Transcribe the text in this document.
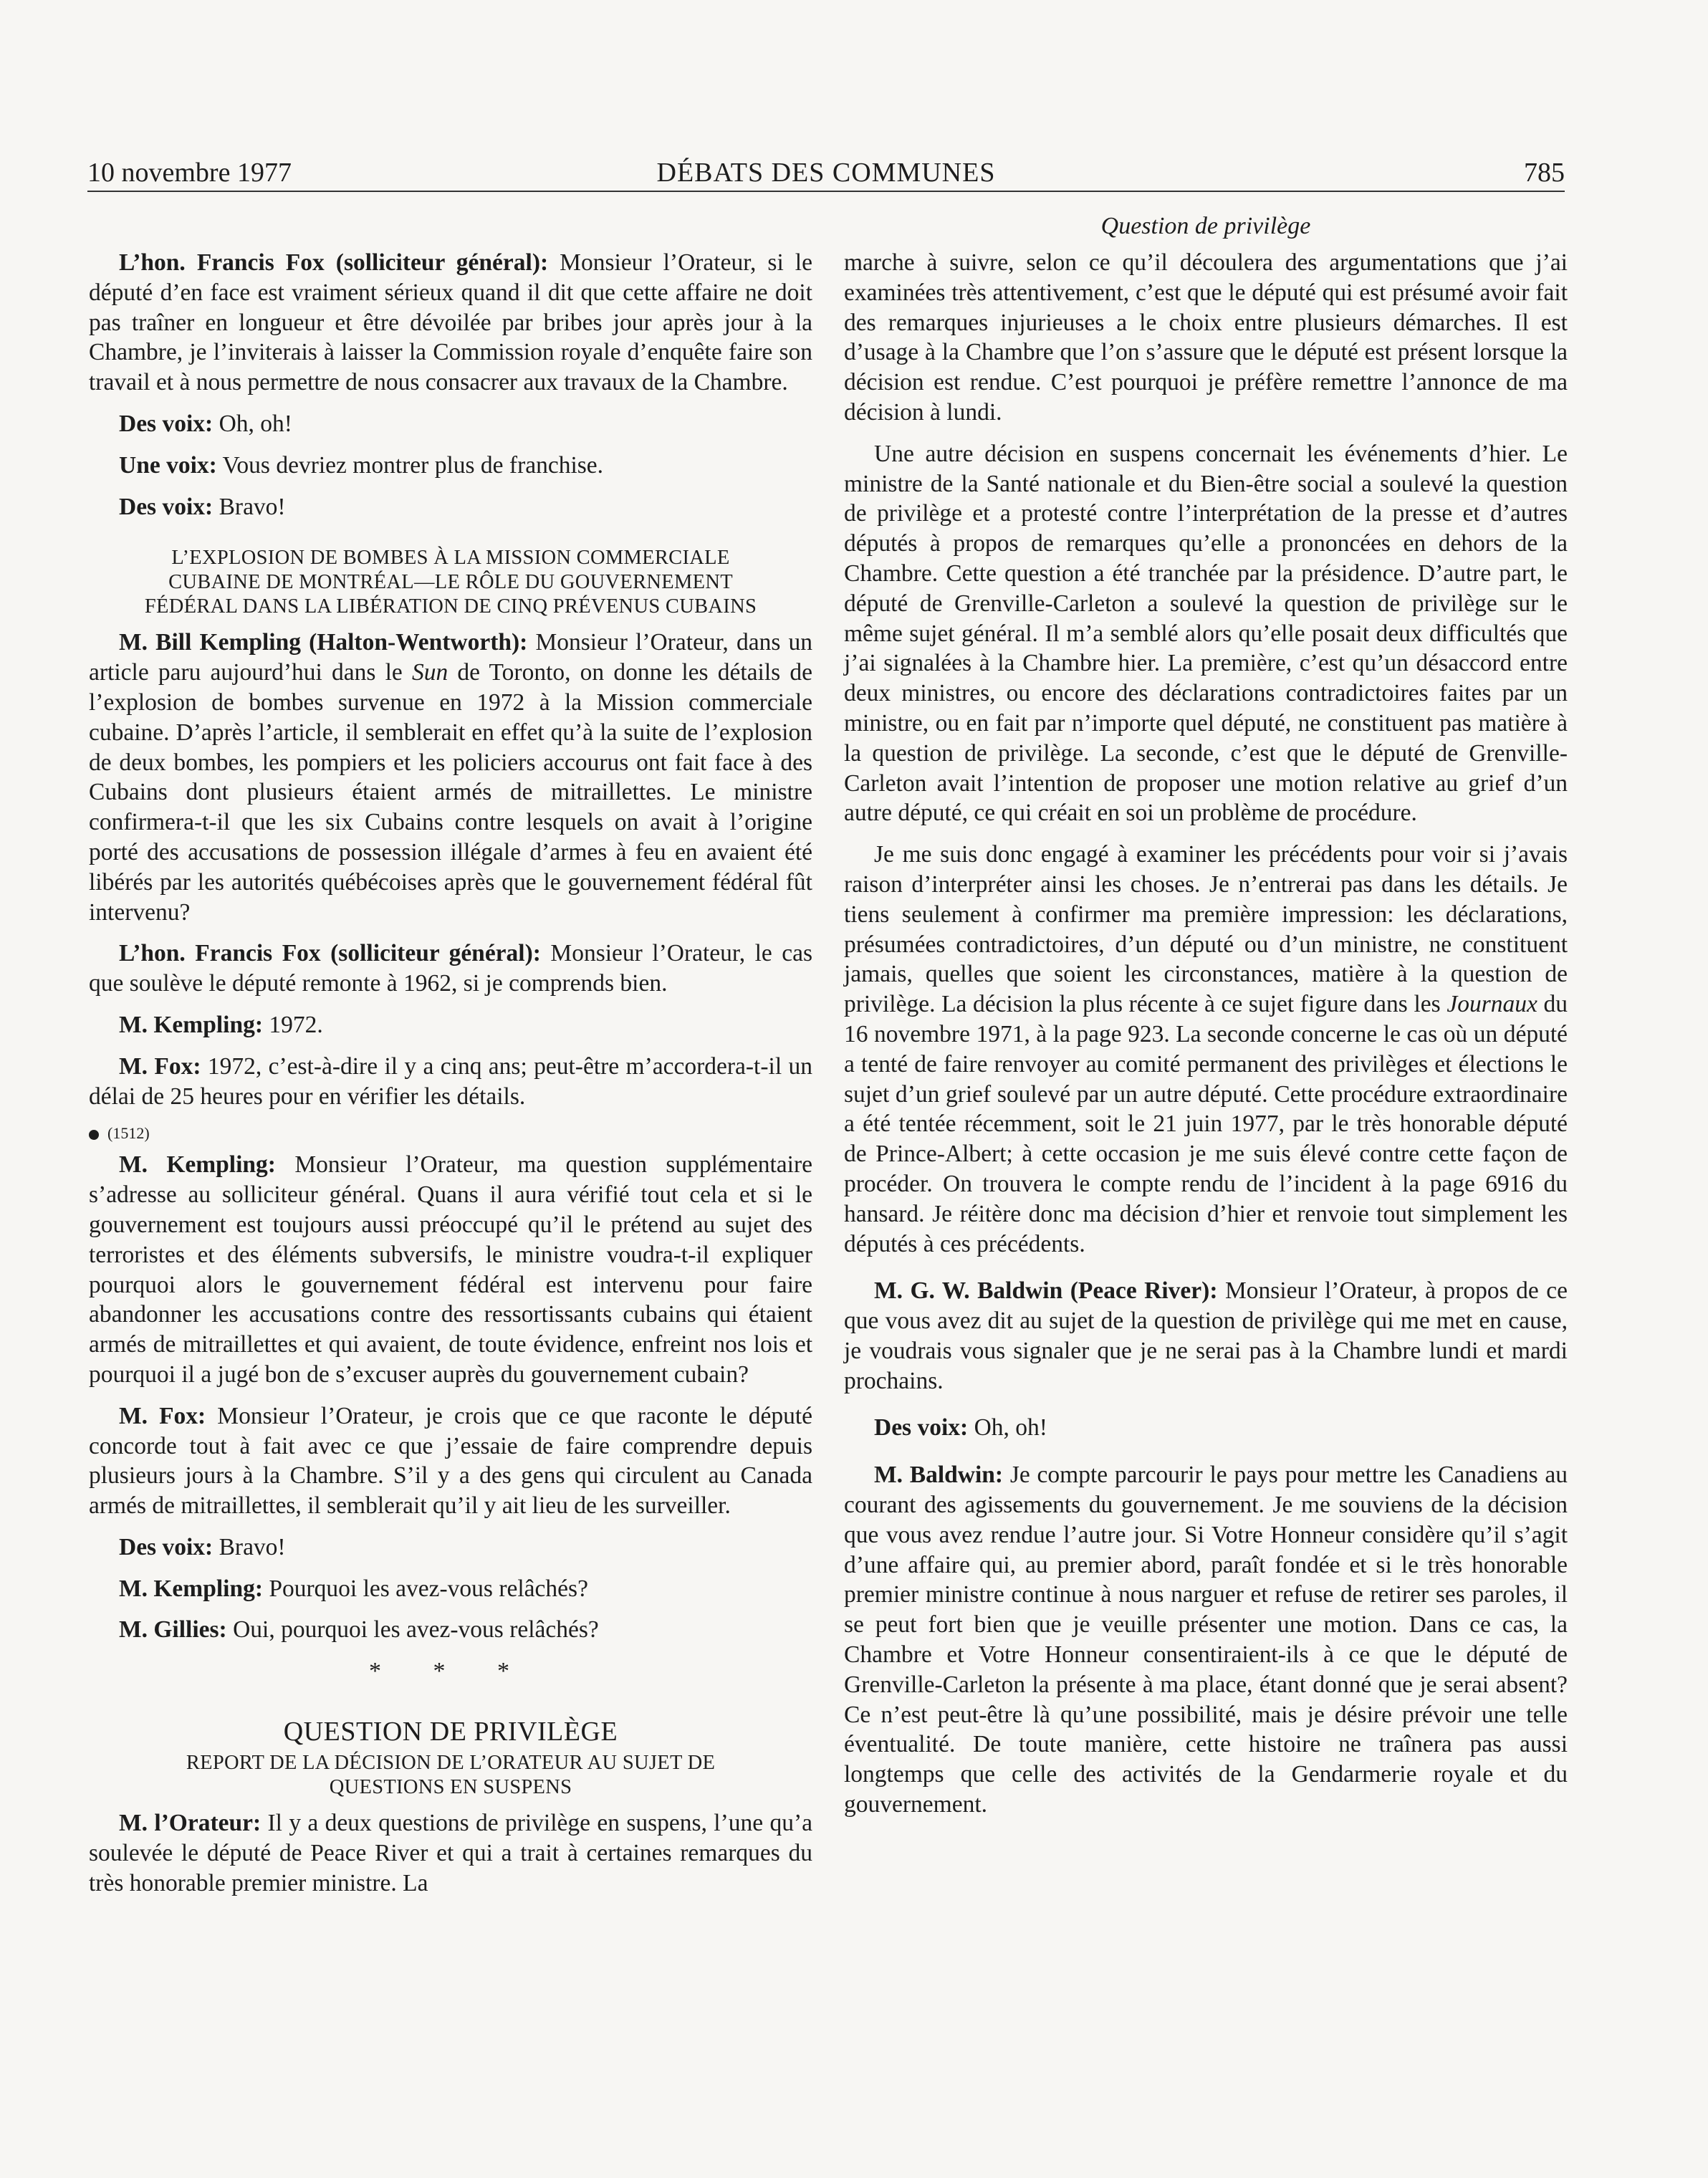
10 novembre 1977	DÉBATS DES COMMUNES	785
Question de privilège

L’hon. Francis Fox (solliciteur général): Monsieur l’Orateur, si le député d’en face est vraiment sérieux quand il dit que cette affaire ne doit pas traîner en longueur et être dévoilée par bribes jour après jour à la Chambre, je l’inviterais à laisser la Commission royale d’enquête faire son travail et à nous permettre de nous consacrer aux travaux de la Chambre.

Des voix: Oh, oh!

Une voix: Vous devriez montrer plus de franchise.

Des voix: Bravo!

L’EXPLOSION DE BOMBES À LA MISSION COMMERCIALE
CUBAINE DE MONTRÉAL—LE RÔLE DU GOUVERNEMENT
FÉDÉRAL DANS LA LIBÉRATION DE CINQ PRÉVENUS CUBAINS

M. Bill Kempling (Halton-Wentworth): Monsieur l’Orateur, dans un article paru aujourd’hui dans le Sun de Toronto, on donne les détails de l’explosion de bombes survenue en 1972 à la Mission commerciale cubaine. D’après l’article, il semblerait en effet qu’à la suite de l’explosion de deux bombes, les pompiers et les policiers accourus ont fait face à des Cubains dont plusieurs étaient armés de mitraillettes. Le ministre confirmera-t-il que les six Cubains contre lesquels on avait à l’origine porté des accusations de possession illégale d’armes à feu en avaient été libérés par les autorités québécoises après que le gouvernement fédéral fût intervenu?

L’hon. Francis Fox (solliciteur général): Monsieur l’Orateur, le cas que soulève le député remonte à 1962, si je comprends bien.

M. Kempling: 1972.

M. Fox: 1972, c’est-à-dire il y a cinq ans; peut-être m’accordera-t-il un délai de 25 heures pour en vérifier les détails.

(1512)

M. Kempling: Monsieur l’Orateur, ma question supplémentaire s’adresse au solliciteur général. Quans il aura vérifié tout cela et si le gouvernement est toujours aussi préoccupé qu’il le prétend au sujet des terroristes et des éléments subversifs, le ministre voudra-t-il expliquer pourquoi alors le gouvernement fédéral est intervenu pour faire abandonner les accusations contre des ressortissants cubains qui étaient armés de mitraillettes et qui avaient, de toute évidence, enfreint nos lois et pourquoi il a jugé bon de s’excuser auprès du gouvernement cubain?

M. Fox: Monsieur l’Orateur, je crois que ce que raconte le député concorde tout à fait avec ce que j’essaie de faire comprendre depuis plusieurs jours à la Chambre. S’il y a des gens qui circulent au Canada armés de mitraillettes, il semblerait qu’il y ait lieu de les surveiller.

Des voix: Bravo!

M. Kempling: Pourquoi les avez-vous relâchés?

M. Gillies: Oui, pourquoi les avez-vous relâchés?

* * *
QUESTION DE PRIVILÈGE
REPORT DE LA DÉCISION DE L’ORATEUR AU SUJET DE
QUESTIONS EN SUSPENS

M. l’Orateur: Il y a deux questions de privilège en suspens, l’une qu’a soulevée le député de Peace River et qui a trait à certaines remarques du très honorable premier ministre. La

marche à suivre, selon ce qu’il découlera des argumentations que j’ai examinées très attentivement, c’est que le député qui est présumé avoir fait des remarques injurieuses a le choix entre plusieurs démarches. Il est d’usage à la Chambre que l’on s’assure que le député est présent lorsque la décision est rendue. C’est pourquoi je préfère remettre l’annonce de ma décision à lundi.

Une autre décision en suspens concernait les événements d’hier. Le ministre de la Santé nationale et du Bien-être social a soulevé la question de privilège et a protesté contre l’interprétation de la presse et d’autres députés à propos de remarques qu’elle a prononcées en dehors de la Chambre. Cette question a été tranchée par la présidence. D’autre part, le député de Grenville-Carleton a soulevé la question de privilège sur le même sujet général. Il m’a semblé alors qu’elle posait deux difficultés que j’ai signalées à la Chambre hier. La première, c’est qu’un désaccord entre deux ministres, ou encore des déclarations contradictoires faites par un ministre, ou en fait par n’importe quel député, ne constituent pas matière à la question de privilège. La seconde, c’est que le député de Grenville-Carleton avait l’intention de proposer une motion relative au grief d’un autre député, ce qui créait en soi un problème de procédure.

Je me suis donc engagé à examiner les précédents pour voir si j’avais raison d’interpréter ainsi les choses. Je n’entrerai pas dans les détails. Je tiens seulement à confirmer ma première impression: les déclarations, présumées contradictoires, d’un député ou d’un ministre, ne constituent jamais, quelles que soient les circonstances, matière à la question de privilège. La décision la plus récente à ce sujet figure dans les Journaux du 16 novembre 1971, à la page 923. La seconde concerne le cas où un député a tenté de faire renvoyer au comité permanent des privilèges et élections le sujet d’un grief soulevé par un autre député. Cette procédure extraordinaire a été tentée récemment, soit le 21 juin 1977, par le très honorable député de Prince-Albert; à cette occasion je me suis élevé contre cette façon de procéder. On trouvera le compte rendu de l’incident à la page 6916 du hansard. Je réitère donc ma décision d’hier et renvoie tout simplement les députés à ces précédents.

M. G. W. Baldwin (Peace River): Monsieur l’Orateur, à propos de ce que vous avez dit au sujet de la question de privilège qui me met en cause, je voudrais vous signaler que je ne serai pas à la Chambre lundi et mardi prochains.

Des voix: Oh, oh!

M. Baldwin: Je compte parcourir le pays pour mettre les Canadiens au courant des agissements du gouvernement. Je me souviens de la décision que vous avez rendue l’autre jour. Si Votre Honneur considère qu’il s’agit d’une affaire qui, au premier abord, paraît fondée et si le très honorable premier ministre continue à nous narguer et refuse de retirer ses paroles, il se peut fort bien que je veuille présenter une motion. Dans ce cas, la Chambre et Votre Honneur consentiraient-ils à ce que le député de Grenville-Carleton la présente à ma place, étant donné que je serai absent? Ce n’est peut-être là qu’une possibilité, mais je désire prévoir une telle éventualité. De toute manière, cette histoire ne traînera pas aussi longtemps que celle des activités de la Gendarmerie royale et du gouvernement.
